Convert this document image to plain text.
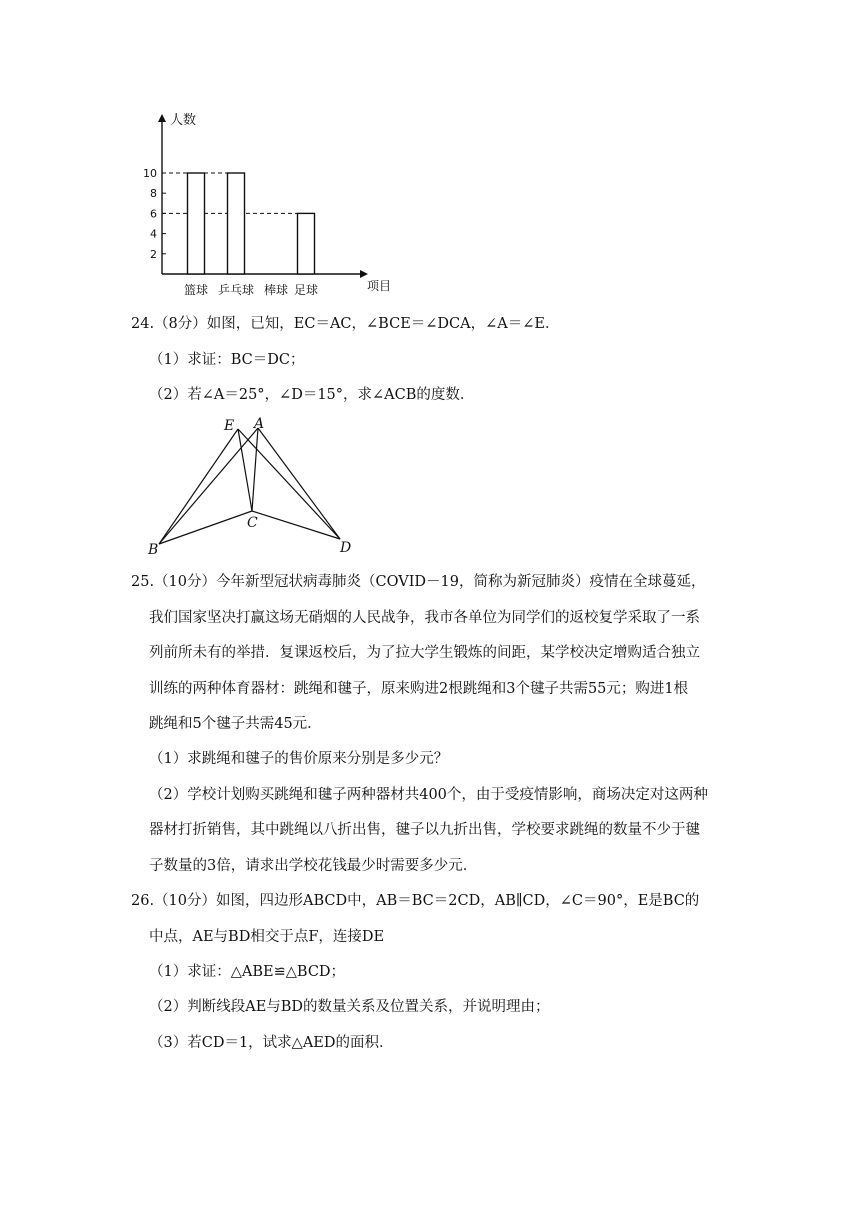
2
4
6
8
10
篮球 乒乓球 棒球 足球
人数
项目
24.（8分）如图，已知，EC＝AC，∠BCE＝∠DCA，∠A＝∠E．
（1）求证：BC＝DC；
（2）若∠A＝25°，∠D＝15°，求∠ACB的度数．
E A
C
B	D
25.（10分）今年新型冠状病毒肺炎（COVID－19，简称为新冠肺炎）疫情在全球蔓延，
我们国家坚决打赢这场无硝烟的人民战争，我市各单位为同学们的返校复学采取了一系
列前所未有的举措．复课返校后，为了拉大学生锻炼的间距，某学校决定增购适合独立
训练的两种体育器材：跳绳和毽子，原来购进2根跳绳和3个毽子共需55元；购进1根
跳绳和5个毽子共需45元．
（1）求跳绳和毽子的售价原来分别是多少元？
（2）学校计划购买跳绳和毽子两种器材共400个，由于受疫情影响，商场决定对这两种
器材打折销售，其中跳绳以八折出售，毽子以九折出售，学校要求跳绳的数量不少于毽
子数量的3倍，请求出学校花钱最少时需要多少元．
26.（10分）如图，四边形ABCD中，AB＝BC＝2CD，AB∥CD，∠C＝90°，E是BC的
中点，AE与BD相交于点F，连接DE
（1）求证：△ABE≌△BCD；
（2）判断线段AE与BD的数量关系及位置关系，并说明理由；
（3）若CD＝1，试求△AED的面积．
